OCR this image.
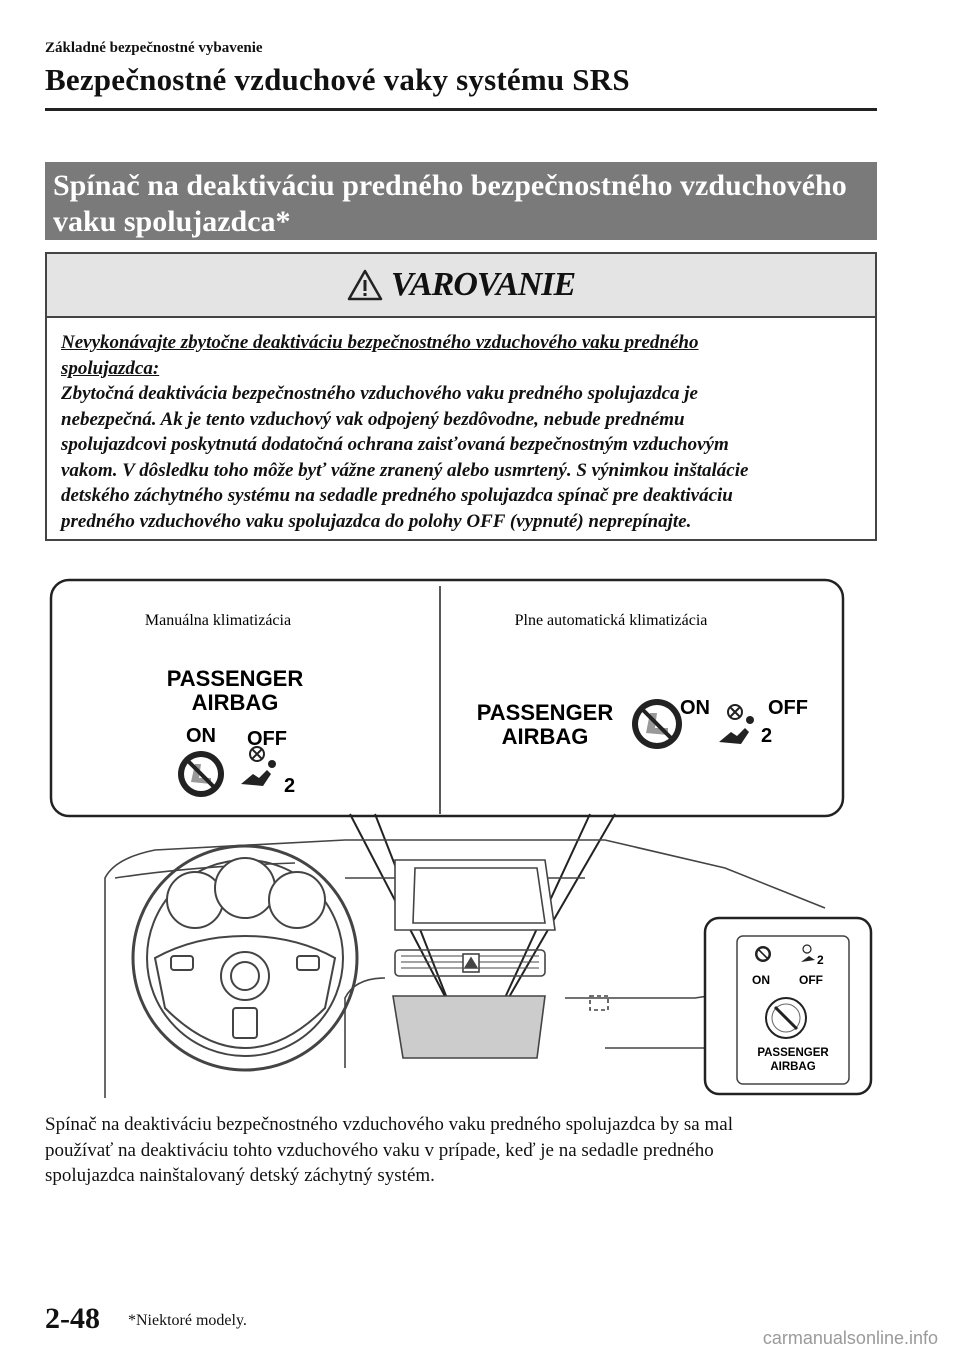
Základné bezpečnostné vybavenie
Bezpečnostné vzduchové vaky systému SRS
Spínač na deaktiváciu predného bezpečnostného vzduchového
vaku spolujazdca*
VAROVANIE
Nevykonávajte zbytočne deaktiváciu bezpečnostného vzduchového vaku predného
spolujazdca:
Zbytočná deaktivácia bezpečnostného vzduchového vaku predného spolujazdca je
nebezpečná. Ak je tento vzduchový vak odpojený bezdôvodne, nebude prednému
spolujazdcovi poskytnutá dodatočná ochrana zaisťovaná bezpečnostným vzduchovým
vakom. V dôsledku toho môže byť vážne zranený alebo usmrtený. S výnimkou inštalácie
detského záchytného systému na sedadle predného spolujazdca spínač pre deaktiváciu
predného vzduchového vaku spolujazdca do polohy OFF (vypnuté) neprepínajte.
Manuálna klimatizácia	Plne automatická klimatizácia
PASSENGER
AIRBAG
ON OFF
2
PASSENGER
AIRBAG
ON	OFF
2
2
ON OFF
PASSENGER
AIRBAG
Spínač na deaktiváciu bezpečnostného vzduchového vaku predného spolujazdca by sa mal
používať na deaktiváciu tohto vzduchového vaku v prípade, keď je na sedadle predného
spolujazdca nainštalovaný detský záchytný systém.
2-48 *Niektoré modely.
carmanualsonline.info
